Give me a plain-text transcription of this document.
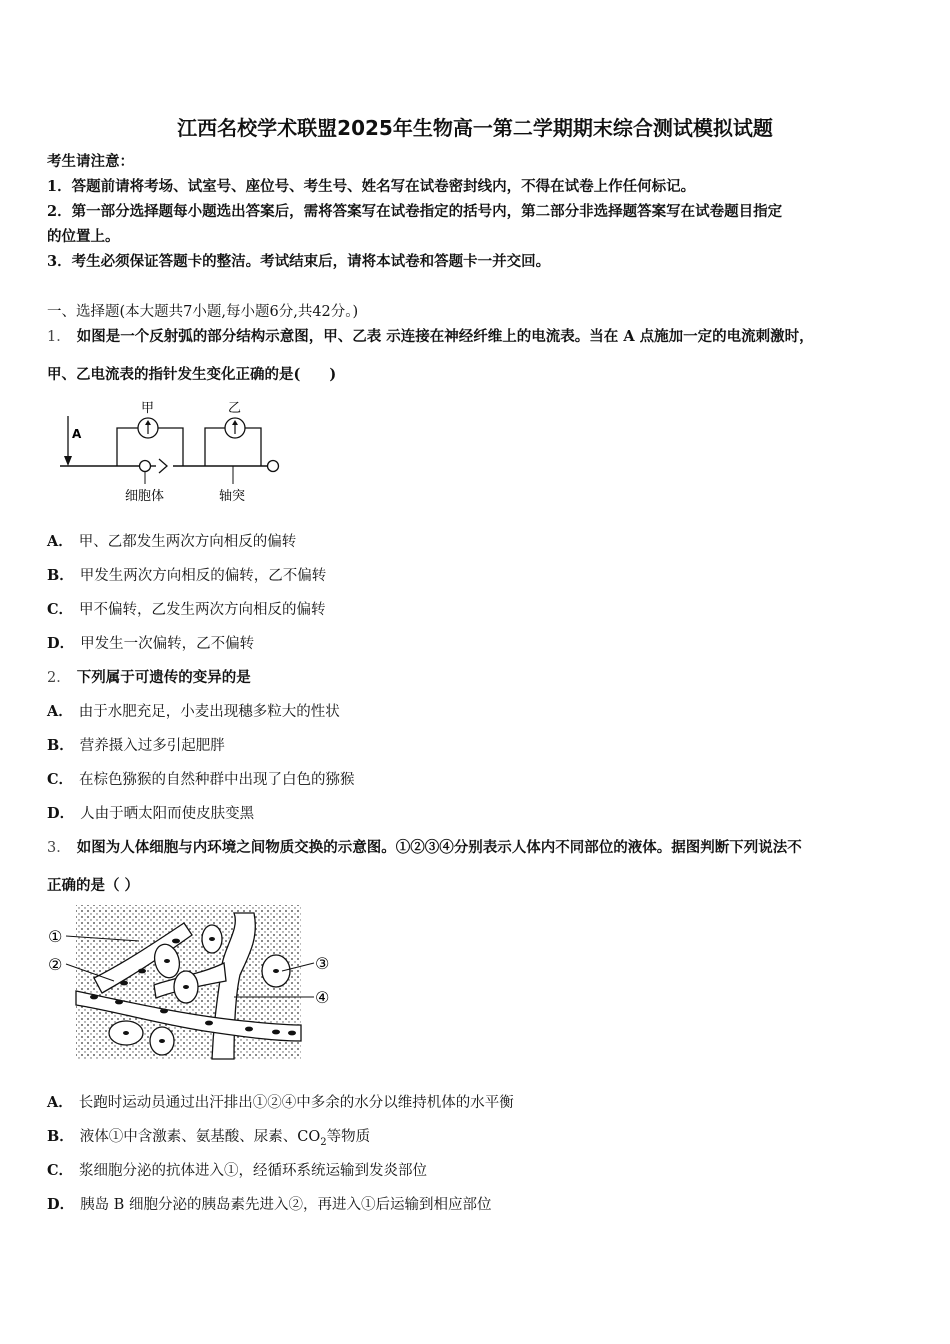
江西名校学术联盟2025年生物高一第二学期期末综合测试模拟试题
考生请注意：
1．答题前请将考场、试室号、座位号、考生号、姓名写在试卷密封线内，不得在试卷上作任何标记。
2．第一部分选择题每小题选出答案后，需将答案写在试卷指定的括号内，第二部分非选择题答案写在试卷题目指定
的位置上。
3．考生必须保证答题卡的整洁。考试结束后，请将本试卷和答题卡一并交回。
一、选择题(本大题共7小题,每小题6分,共42分。)
1． 如图是一个反射弧的部分结构示意图，甲、乙表 示连接在神经纤维上的电流表。当在 A 点施加一定的电流刺激时，
甲、乙电流表的指针发生变化正确的是(　　)
A
甲	乙
细胞体	轴突
A． 甲、乙都发生两次方向相反的偏转
B． 甲发生两次方向相反的偏转，乙不偏转
C． 甲不偏转，乙发生两次方向相反的偏转
D． 甲发生一次偏转，乙不偏转
2． 下列属于可遗传的变异的是
A． 由于水肥充足，小麦出现穗多粒大的性状
B． 营养摄入过多引起肥胖
C． 在棕色猕猴的自然种群中出现了白色的猕猴
D． 人由于晒太阳而使皮肤变黑
3． 如图为人体细胞与内环境之间物质交换的示意图。①②③④分别表示人体内不同部位的液体。据图判断下列说法不
正确的是（ ）
①
②	③
④
A． 长跑时运动员通过出汗排出①②④中多余的水分以维持机体的水平衡
B． 液体①中含激素、氨基酸、尿素、$CO_2$等物质
C． 浆细胞分泌的抗体进入①，经循环系统运输到发炎部位
D． 胰岛 B 细胞分泌的胰岛素先进入②，再进入①后运输到相应部位
